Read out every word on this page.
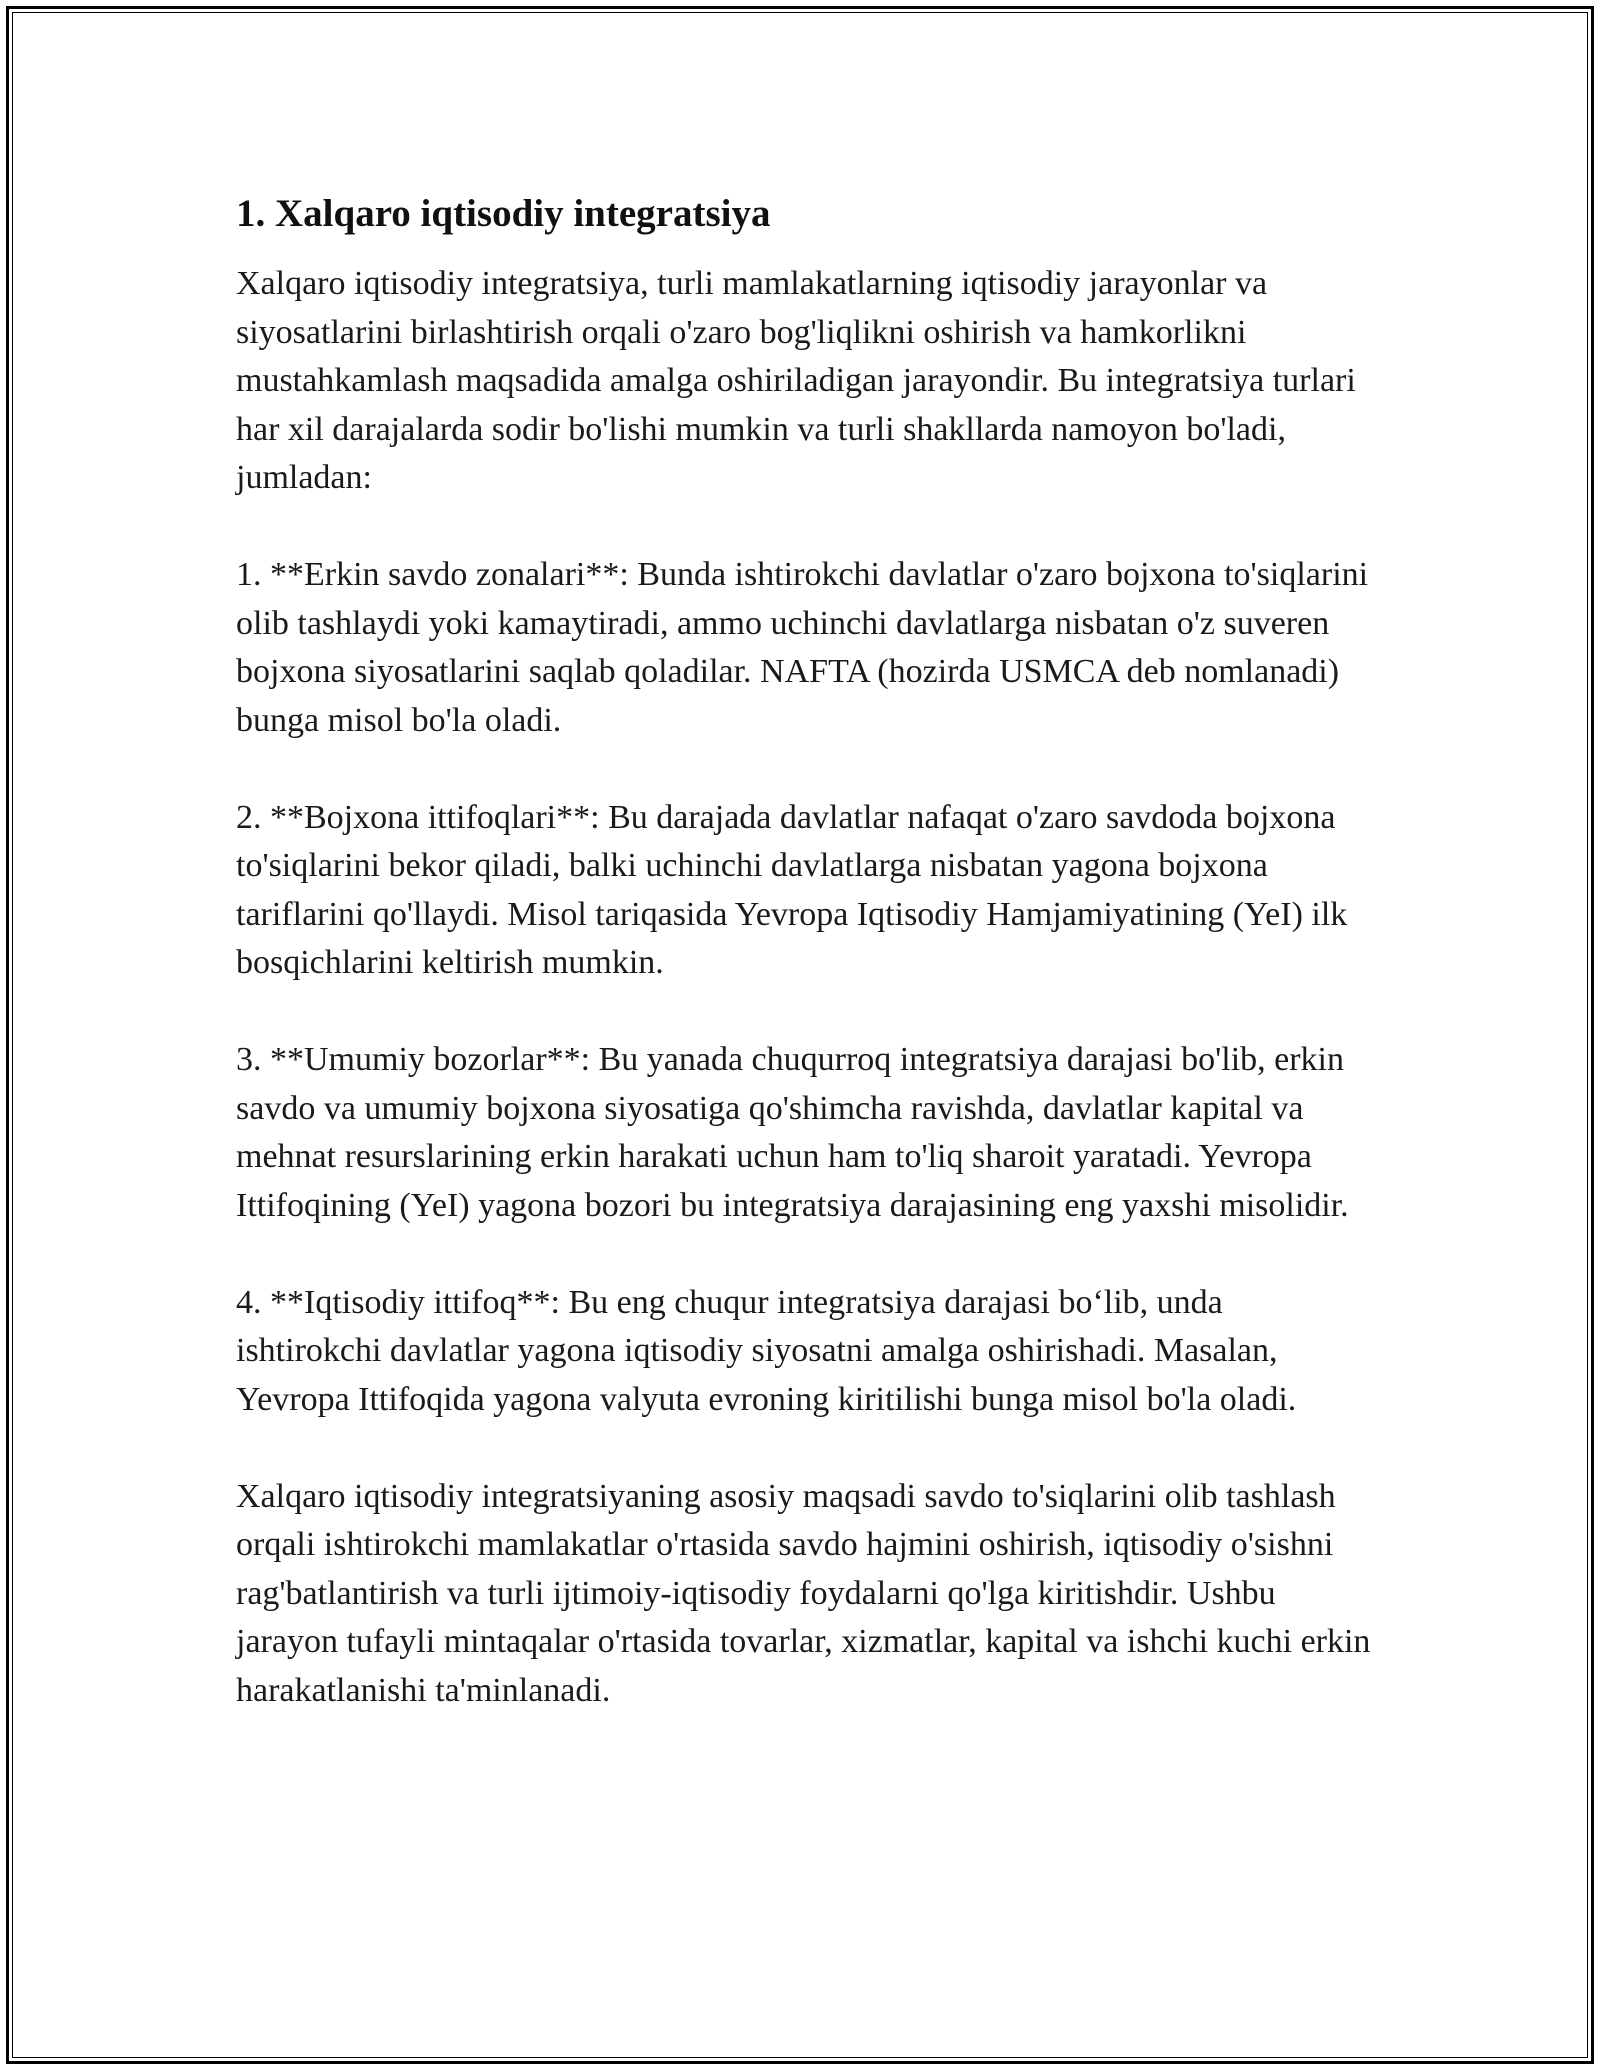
1. Xalqaro iqtisodiy integratsiya

Xalqaro iqtisodiy integratsiya, turli mamlakatlarning iqtisodiy jarayonlar va siyosatlarini birlashtirish orqali o'zaro bog'liqlikni oshirish va hamkorlikni mustahkamlash maqsadida amalga oshiriladigan jarayondir. Bu integratsiya turlari har xil darajalarda sodir bo'lishi mumkin va turli shakllarda namoyon bo'ladi, jumladan:

1. **Erkin savdo zonalari**: Bunda ishtirokchi davlatlar o'zaro bojxona to'siqlarini olib tashlaydi yoki kamaytiradi, ammo uchinchi davlatlarga nisbatan o'z suveren bojxona siyosatlarini saqlab qoladilar. NAFTA (hozirda USMCA deb nomlanadi) bunga misol bo'la oladi.

2. **Bojxona ittifoqlari**: Bu darajada davlatlar nafaqat o'zaro savdoda bojxona to'siqlarini bekor qiladi, balki uchinchi davlatlarga nisbatan yagona bojxona tariflarini qo'llaydi. Misol tariqasida Yevropa Iqtisodiy Hamjamiyatining (YeI) ilk bosqichlarini keltirish mumkin.

3. **Umumiy bozorlar**: Bu yanada chuqurroq integratsiya darajasi bo'lib, erkin savdo va umumiy bojxona siyosatiga qo'shimcha ravishda, davlatlar kapital va mehnat resurslarining erkin harakati uchun ham to'liq sharoit yaratadi. Yevropa Ittifoqining (YeI) yagona bozori bu integratsiya darajasining eng yaxshi misolidir.

4. **Iqtisodiy ittifoq**: Bu eng chuqur integratsiya darajasi bo‘lib, unda ishtirokchi davlatlar yagona iqtisodiy siyosatni amalga oshirishadi. Masalan, Yevropa Ittifoqida yagona valyuta evroning kiritilishi bunga misol bo'la oladi.

Xalqaro iqtisodiy integratsiyaning asosiy maqsadi savdo to'siqlarini olib tashlash orqali ishtirokchi mamlakatlar o'rtasida savdo hajmini oshirish, iqtisodiy o'sishni rag'batlantirish va turli ijtimoiy-iqtisodiy foydalarni qo'lga kiritishdir. Ushbu jarayon tufayli mintaqalar o'rtasida tovarlar, xizmatlar, kapital va ishchi kuchi erkin harakatlanishi ta'minlanadi.
